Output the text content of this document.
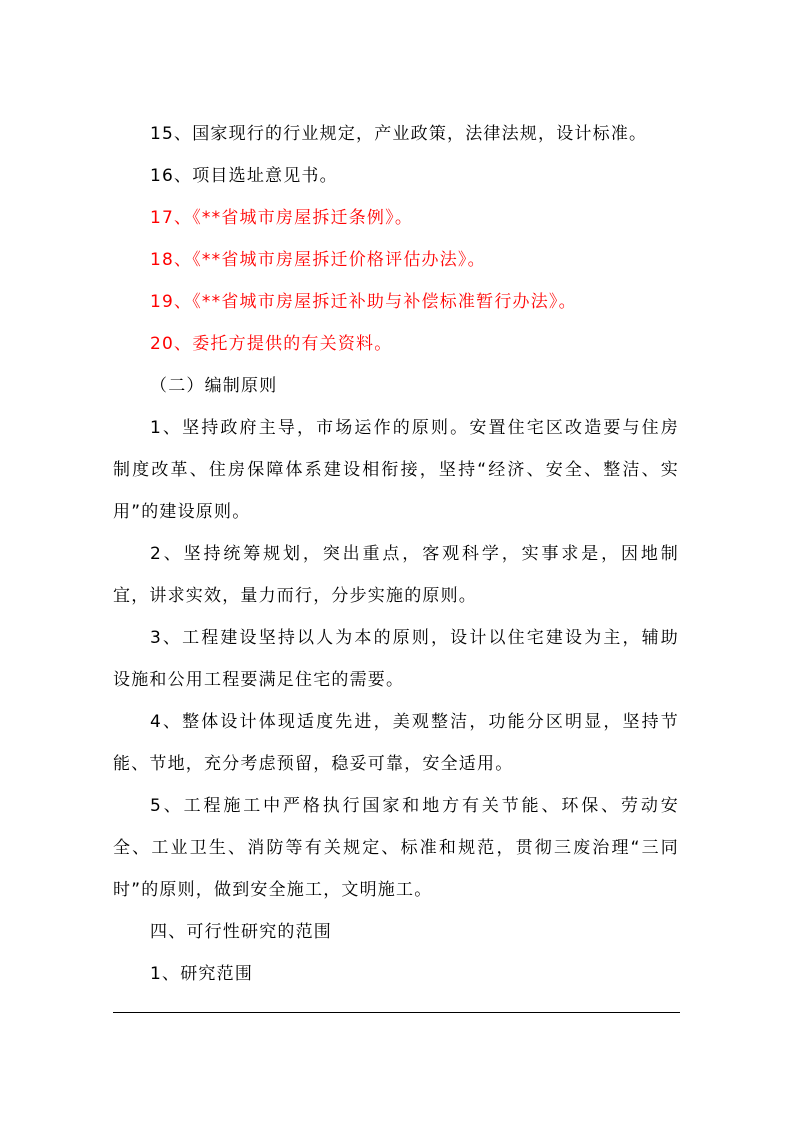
15、国家现行的行业规定，产业政策，法律法规，设计标准。
16、项目选址意见书。
17、《**省城市房屋拆迁条例》。
18、《**省城市房屋拆迁价格评估办法》。
19、《**省城市房屋拆迁补助与补偿标准暂行办法》。
20、委托方提供的有关资料。
（二）编制原则
1、坚持政府主导，市场运作的原则。安置住宅区改造要与住房
制度改革、住房保障体系建设相衔接，坚持“经济、安全、整洁、实
用”的建设原则。
2、坚持统筹规划，突出重点，客观科学，实事求是，因地制
宜，讲求实效，量力而行，分步实施的原则。
3、工程建设坚持以人为本的原则，设计以住宅建设为主，辅助
设施和公用工程要满足住宅的需要。
4、整体设计体现适度先进，美观整洁，功能分区明显，坚持节
能、节地，充分考虑预留，稳妥可靠，安全适用。
5、工程施工中严格执行国家和地方有关节能、环保、劳动安
全、工业卫生、消防等有关规定、标准和规范，贯彻三废治理“三同
时”的原则，做到安全施工，文明施工。
四、可行性研究的范围
1、研究范围
